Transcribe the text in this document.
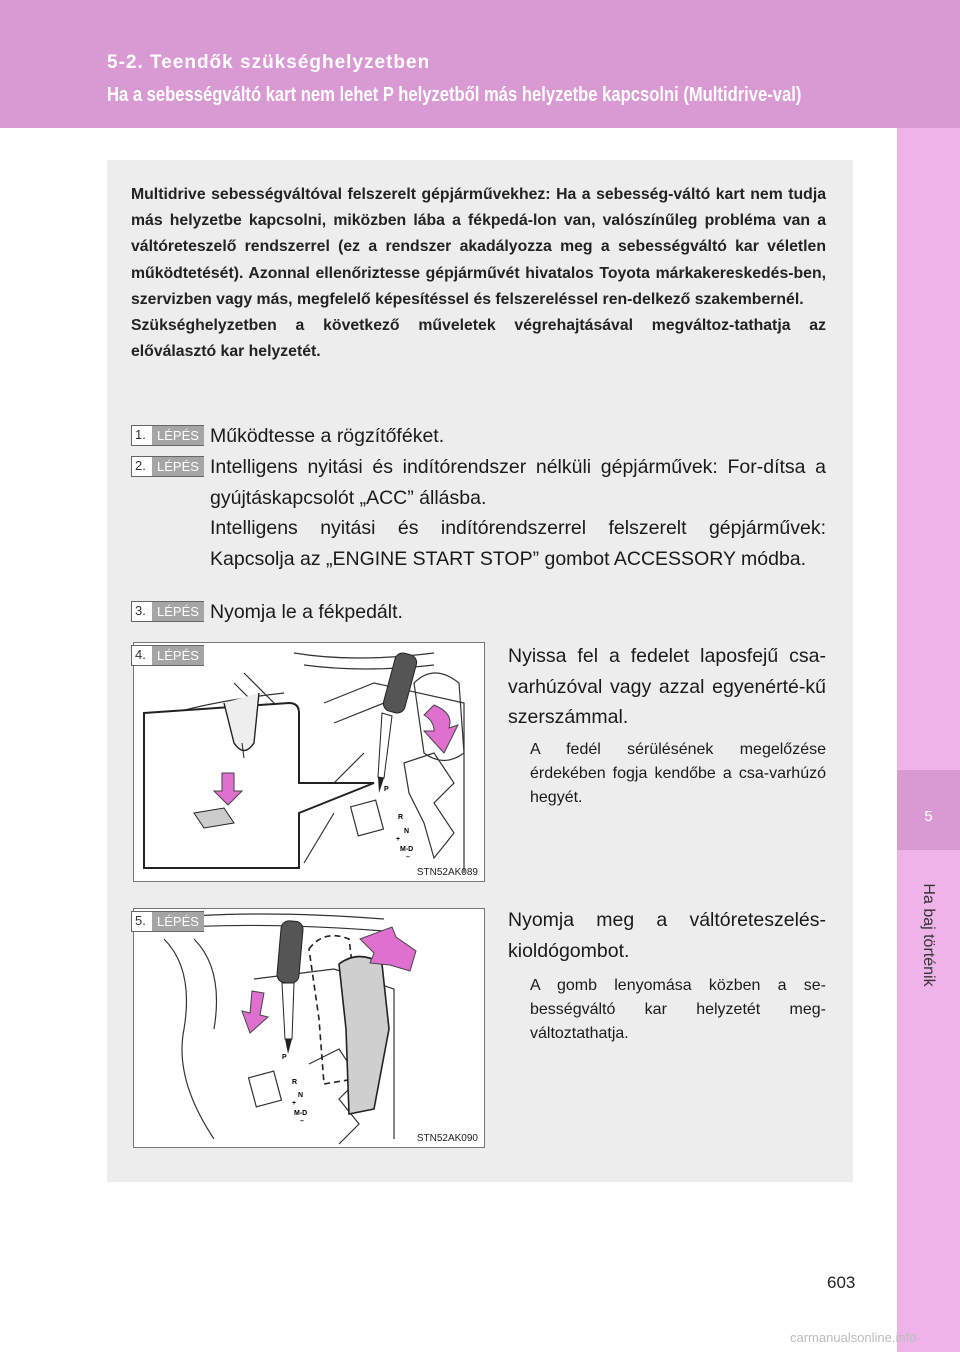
5-2. Teendők szükséghelyzetben
Ha a sebességváltó kart nem lehet P helyzetből más helyzetbe kapcsolni (Multidrive-val)
5
Ha baj történik

Multidrive sebességváltóval felszerelt gépjárművekhez: Ha a sebesség-váltó kart nem tudja más helyzetbe kapcsolni, miközben lába a fékpedá-lon van, valószínűleg probléma van a váltóreteszelő rendszerrel (ez a rendszer akadályozza meg a sebességváltó kar véletlen működtetését). Azonnal ellenőriztesse gépjárművét hivatalos Toyota márkakereskedés-ben, szervizben vagy más, megfelelő képesítéssel és felszereléssel ren-delkező szakembernél.

Szükséghelyzetben a következő műveletek végrehajtásával megváltoz-tathatja az előválasztó kar helyzetét.

1. LÉPÉS Működtesse a rögzítőféket.
2. LÉPÉS Intelligens nyitási és indítórendszer nélküli gépjárművek: For-dítsa a gyújtáskapcsolót „ACC” állásba.
Intelligens nyitási és indítórendszerrel felszerelt gépjárművek: Kapcsolja az „ENGINE START STOP” gombot ACCESSORY módba.
3. LÉPÉS Nyomja le a fékpedált.
P
R
N
+
M-D
–
STN52AK089
4. LÉPÉS	Nyissa fel a fedelet laposfejű csa-varhúzóval vagy azzal egyenérté-kű szerszámmal.
A fedél sérülésének megelőzése érdekében fogja kendőbe a csa-varhúzó hegyét.
P
R
N
+
M-D
–
STN52AK090
5. LÉPÉS	Nyomja meg a váltóreteszelés-kioldógombot.
A gomb lenyomása közben a se-bességváltó kar helyzetét meg-változtathatja.
603
carmanualsonline.info
